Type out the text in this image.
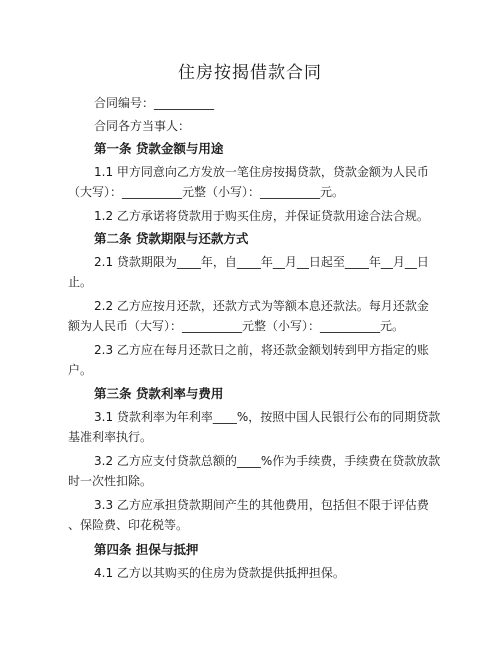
住房按揭借款合同
合同编号：__________
合同各方当事人：
第一条 贷款金额与用途
1.1 甲方同意向乙方发放一笔住房按揭贷款，贷款金额为人民币
（大写）：__________元整（小写）：__________元。
1.2 乙方承诺将贷款用于购买住房，并保证贷款用途合法合规。
第二条 贷款期限与还款方式
2.1 贷款期限为____年，自____年__月__日起至____年__月__日
止。
2.2 乙方应按月还款，还款方式为等额本息还款法。每月还款金
额为人民币（大写）：__________元整（小写）：__________元。
2.3 乙方应在每月还款日之前，将还款金额划转到甲方指定的账
户。
第三条 贷款利率与费用
3.1 贷款利率为年利率____%，按照中国人民银行公布的同期贷款
基准利率执行。
3.2 乙方应支付贷款总额的____%作为手续费，手续费在贷款放款
时一次性扣除。
3.3 乙方应承担贷款期间产生的其他费用，包括但不限于评估费
、保险费、印花税等。
第四条 担保与抵押
4.1 乙方以其购买的住房为贷款提供抵押担保。
